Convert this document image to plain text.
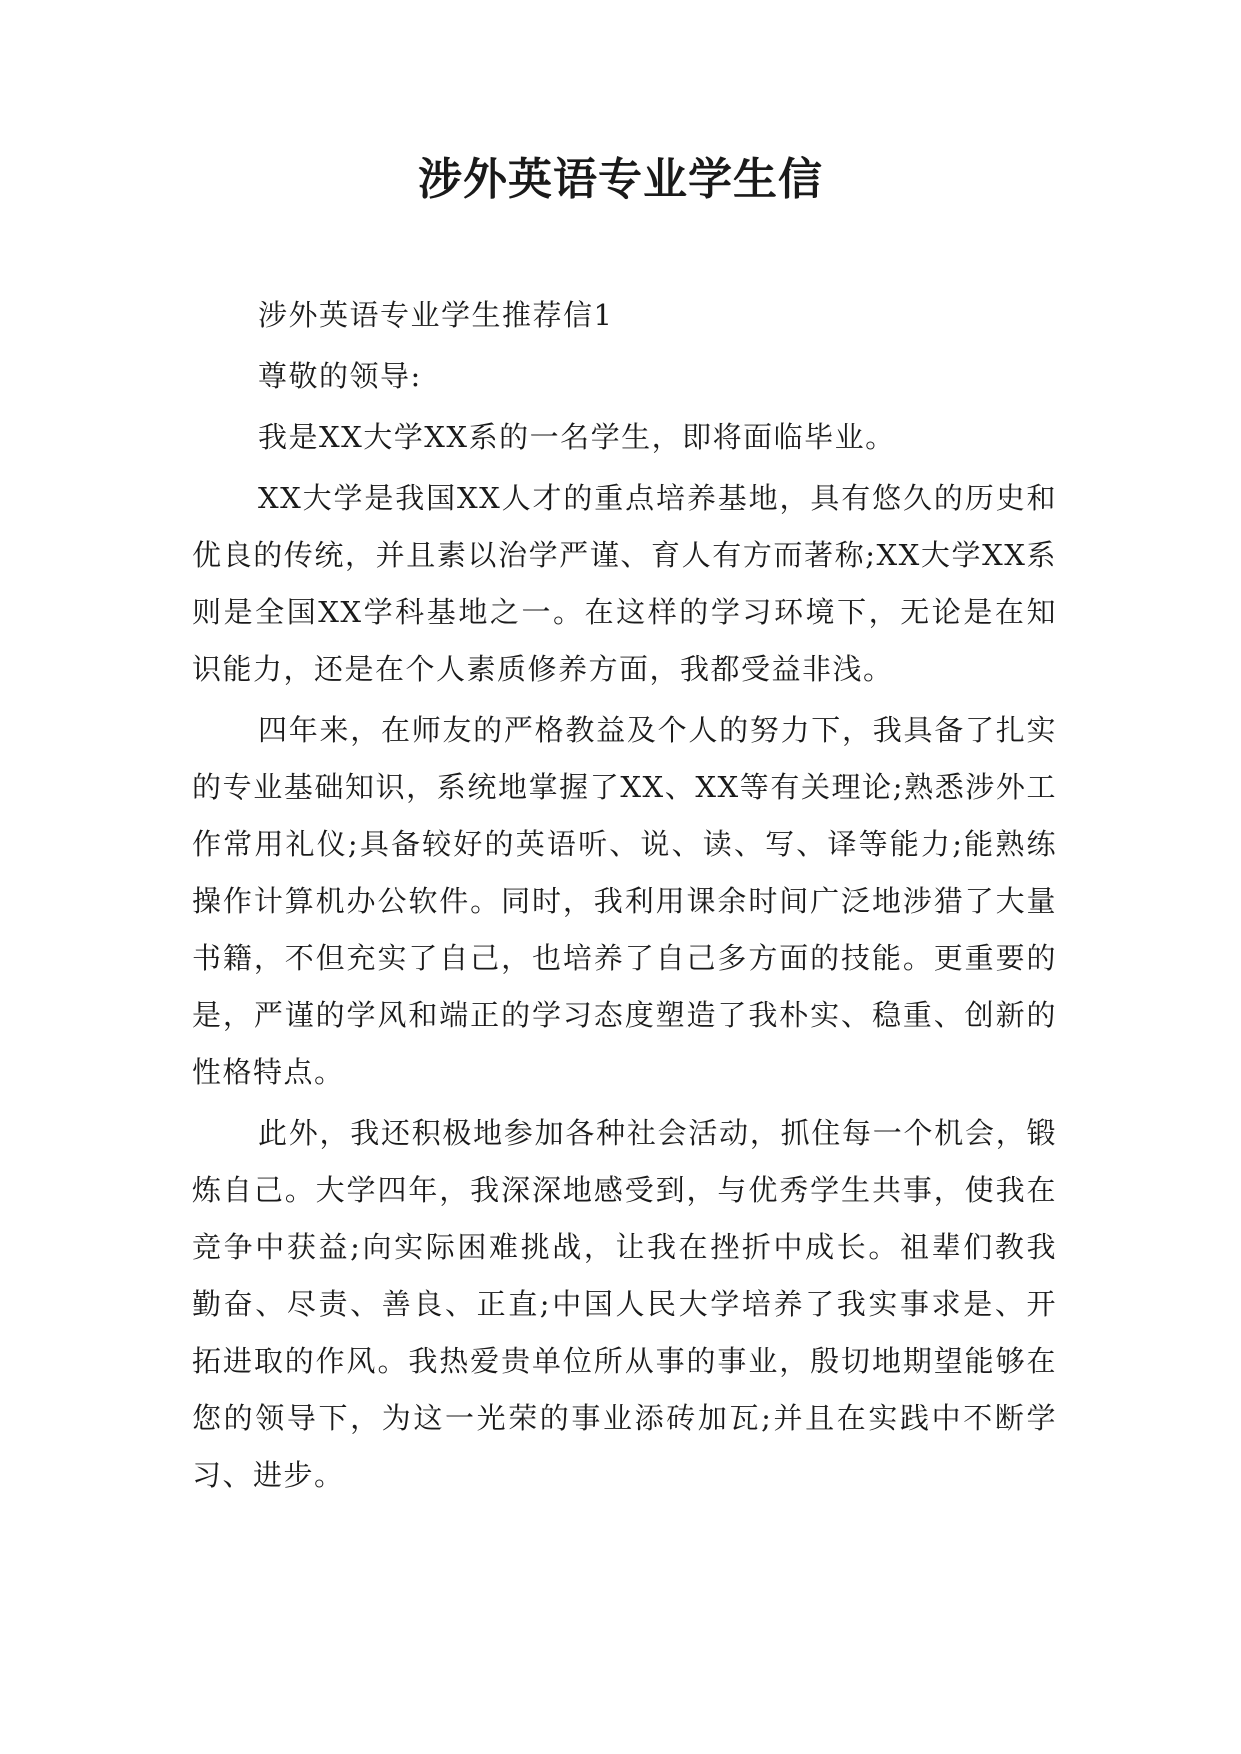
涉外英语专业学生信

涉外英语专业学生推荐信1

尊敬的领导:

我是XX大学XX系的一名学生，即将面临毕业。

XX大学是我国XX人才的重点培养基地，具有悠久的历史和优良的传统，并且素以治学严谨、育人有方而著称;XX大学XX系则是全国XX学科基地之一。在这样的学习环境下，无论是在知识能力，还是在个人素质修养方面，我都受益非浅。

四年来，在师友的严格教益及个人的努力下，我具备了扎实的专业基础知识，系统地掌握了XX、XX等有关理论;熟悉涉外工作常用礼仪;具备较好的英语听、说、读、写、译等能力;能熟练操作计算机办公软件。同时，我利用课余时间广泛地涉猎了大量书籍，不但充实了自己，也培养了自己多方面的技能。更重要的是，严谨的学风和端正的学习态度塑造了我朴实、稳重、创新的性格特点。

此外，我还积极地参加各种社会活动，抓住每一个机会，锻炼自己。大学四年，我深深地感受到，与优秀学生共事，使我在竞争中获益;向实际困难挑战，让我在挫折中成长。祖辈们教我勤奋、尽责、善良、正直;中国人民大学培养了我实事求是、开拓进取的作风。我热爱贵单位所从事的事业，殷切地期望能够在您的领导下，为这一光荣的事业添砖加瓦;并且在实践中不断学习、进步。
